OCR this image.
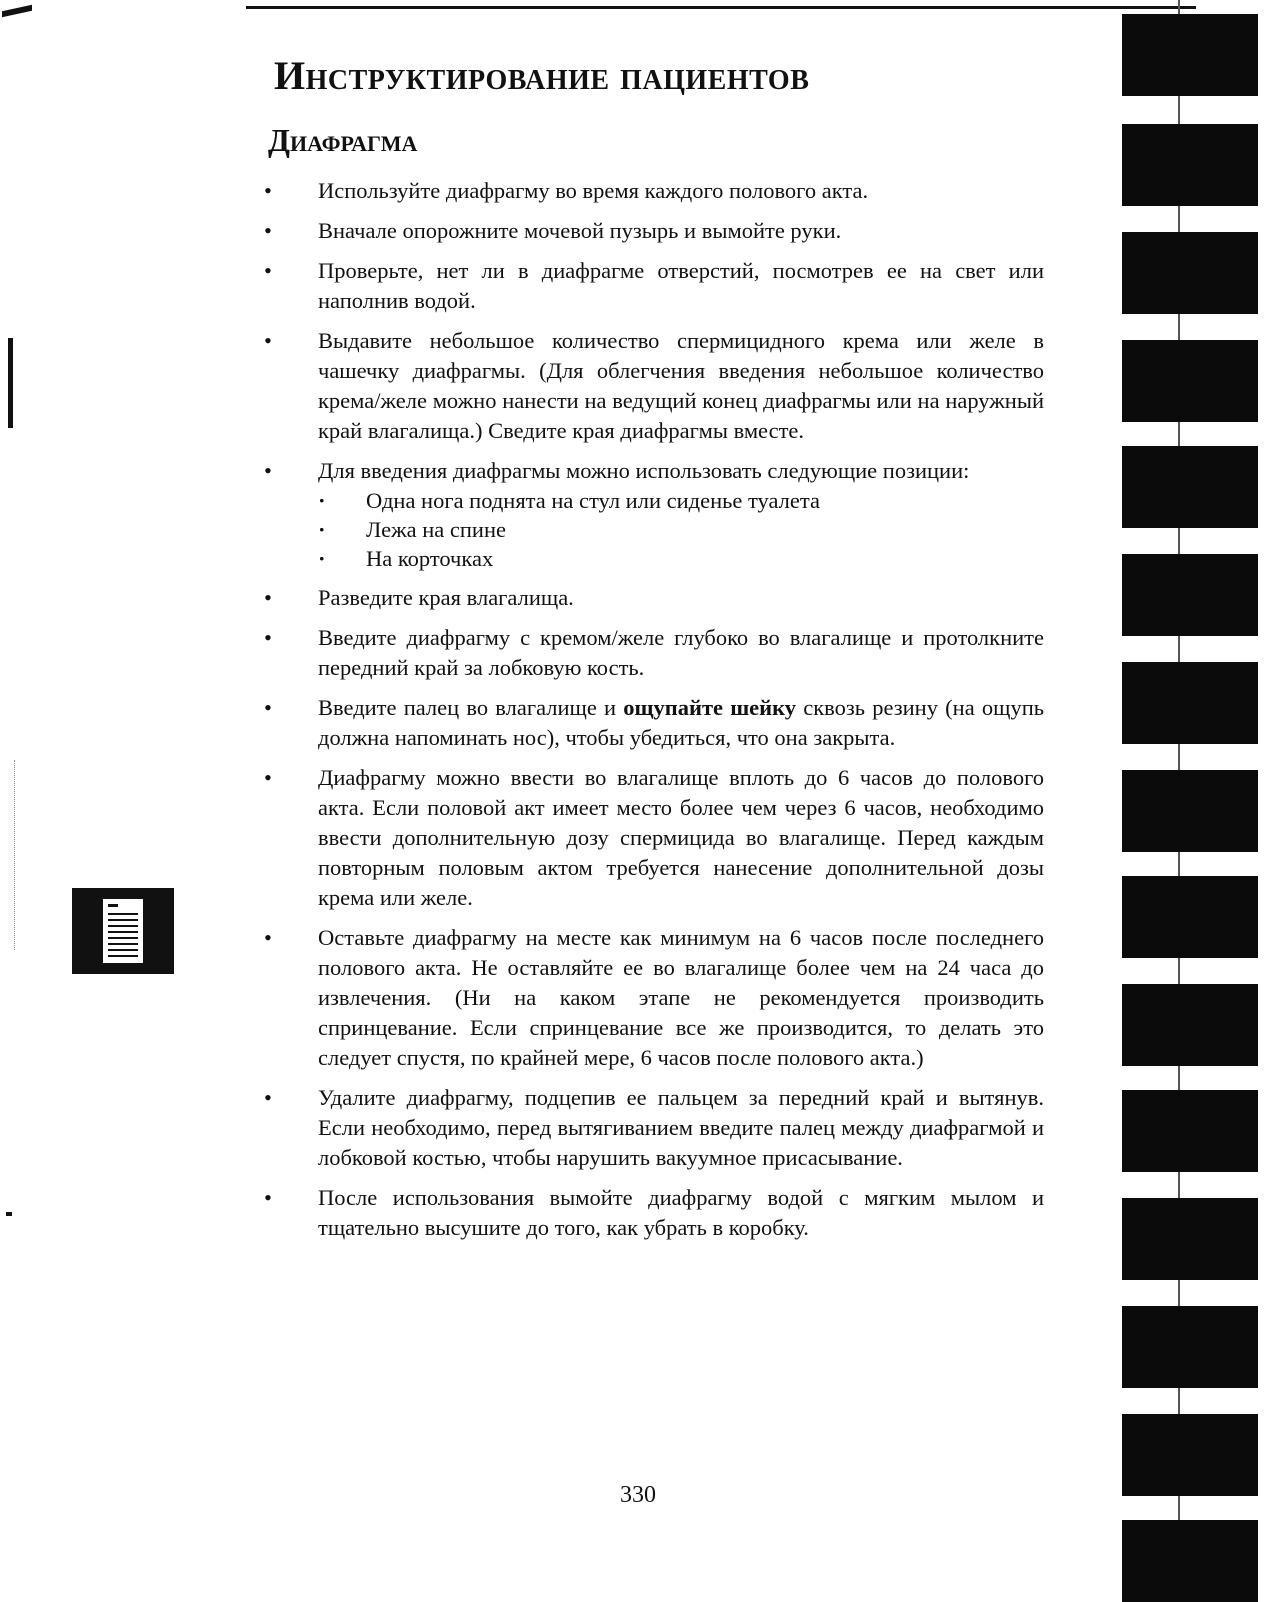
Инструктирование пациентов
Диафрагма
• Используйте диафрагму во время каждого полового акта.
• Вначале опорожните мочевой пузырь и вымойте руки.
• Проверьте, нет ли в диафрагме отверстий, посмотрев ее на свет или наполнив водой.
• Выдавите небольшое количество спермицидного крема или желе в чашечку диафрагмы. (Для облегчения введения небольшое количество крема/желе можно нанести на ведущий конец диафрагмы или на наружный край влагалища.) Сведите края диафрагмы вместе.
• Для введения диафрагмы можно использовать следующие позиции:
· Одна нога поднята на стул или сиденье туалета
· Лежа на спине
· На корточках
• Разведите края влагалища.
• Введите диафрагму с кремом/желе глубоко во влагалище и протолкните передний край за лобковую кость.
• Введите палец во влагалище и ощупайте шейку сквозь резину (на ощупь должна напоминать нос), чтобы убедиться, что она закрыта.
• Диафрагму можно ввести во влагалище вплоть до 6 часов до полового акта. Если половой акт имеет место более чем через 6 часов, необходимо ввести дополнительную дозу спермицида во влагалище. Перед каждым повторным половым актом требуется нанесение дополнительной дозы крема или желе.
• Оставьте диафрагму на месте как минимум на 6 часов после последнего полового акта. Не оставляйте ее во влагалище более чем на 24 часа до извлечения. (Ни на каком этапе не рекомендуется производить спринцевание. Если спринцевание все же производится, то делать это следует спустя, по крайней мере, 6 часов после полового акта.)
• Удалите диафрагму, подцепив ее пальцем за передний край и вытянув. Если необходимо, перед вытягиванием введите палец между диафрагмой и лобковой костью, чтобы нарушить вакуумное присасывание.
• После использования вымойте диафрагму водой с мягким мылом и тщательно высушите до того, как убрать в коробку.
330
